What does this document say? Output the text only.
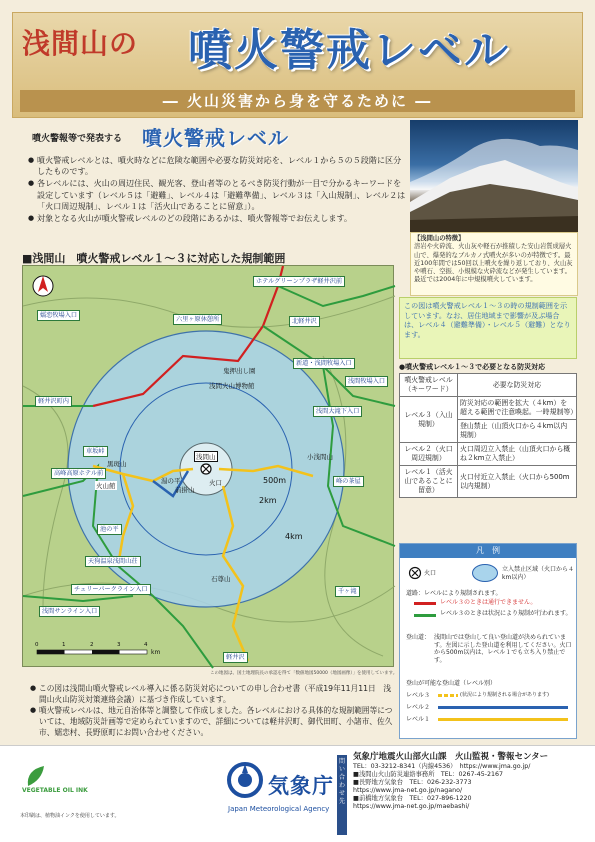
浅間山の 噴火警戒レベル
― 火山災害から身を守るために ―
噴火警報等で発表する 噴火警戒レベル
● 噴火警戒レベルとは、噴火時などに危険な範囲や必要な防災対応を、レベル１から５の５段階に区分したものです。
● 各レベルには、火山の周辺住民、観光客、登山者等のとるべき防災行動が一目で分かるキーワードを設定しています（レベル５は「避難」、レベル４は「避難準備」、レベル３は「入山規制」、レベル２は「火口周辺規制」、レベル１は「活火山であることに留意」）。
● 対象となる火山が噴火警戒レベルのどの段階にあるかは、噴火警報等でお伝えします。
【浅間山の特徴】
溶岩や火砕流、火山灰や軽石が推積した安山岩質成層火山で、爆発的なブルカノ式噴火が多いのが特徴です。最近100年間では50回以上噴火を繰り返しており、火山灰や噴石、空振、小規模な火砕流などが発生しています。最近では2004年に中規模噴火しています。
■浅間山　噴火警戒レベル１～３に対応した規制範囲
500m
2km
4km
浅間山
火口
前掛山
黒斑山
火山館
小浅間山
石尊山
鬼押出し園
浅間火山博物館
湯の平
六里ヶ原休憩所
軽井沢町内
車坂峠
高峰高原ホテル前
池の平
天狗温泉浅間山荘
チェリーパークライン入口
浅間サンライン入口
嬬恋牧場入口
ホテルグリーンプラザ軽井沢前
北軽井沢
新道・浅間牧場入口
浅間大滝下入口
浅間牧場入口
峰の茶屋
千ヶ滝
軽井沢
0	1	2	3	4
km
この地図は、国土地理院長の承認を得て「数値地図50000（地図画像）」を使用しています。
この図は噴火警戒レベル１～３の時の規制範囲を示しています。なお、居住地域まで影響が及ぶ場合は、レベル４（避難準備）・レベル５（避難）となります。
●噴火警戒レベル１～３で必要となる防災対応
噴火警戒レベル（キーワード）	必要な防災対応
レベル３（入山規制）	防災対応の範囲を拡大（４km）を超える範囲で注意喚起。一時規制等）
	登山禁止（山頂火口から４km以内規制）
レベル２（火口周辺規制）	火口周辺立入禁止（山頂火口から概ね２km立入禁止）
レベル１（活火山であることに留意）	火口付近立入禁止（火口から500m以内規制）
凡　例
火口
立入禁止区域（火口から４km以内）
道路：レベルにより規制されます。
レベル３のときは通行できません。
レベル３のときは状況により規制が行われます。
登山道： 浅間山では登山して良い登山道が決められています。左図に示した登山道を利用してください。火口から500m以内は、レベル１でも立ち入り禁止です。
登山が可能な登山道（レベル別）
レベル３	(状況により規制される場合があります)
レベル２
レベル１
● この図は浅間山噴火警戒レベル導入に係る防災対応についての申し合わせ書（平成19年11月11日　浅間山火山防災対策連絡会議）に基づき作成しています。
● 噴火警戒レベルは、地元自治体等と調整して作成しました。各レベルにおける具体的な規制範囲等については、地域防災計画等で定められていますので、詳細については軽井沢町、御代田町、小諸市、佐久市、嬬恋村、長野原町にお問い合わせください。
VEGETABLE OIL INK
本印刷は、植物油インクを使用しています。
気象庁
Japan Meteorological Agency
問い合わせ先
気象庁地震火山部火山課　火山監視・警報センター
TEL：03-3212-8341（内線4536）　https://www.jma.go.jp/
■浅間山火山防災連絡事務所　 TEL：0267-45-2167
■長野地方気象台　 TEL：026-232-3773
https://www.jma-net.go.jp/nagano/
■前橋地方気象台　 TEL：027-896-1220
https://www.jma-net.go.jp/maebashi/
